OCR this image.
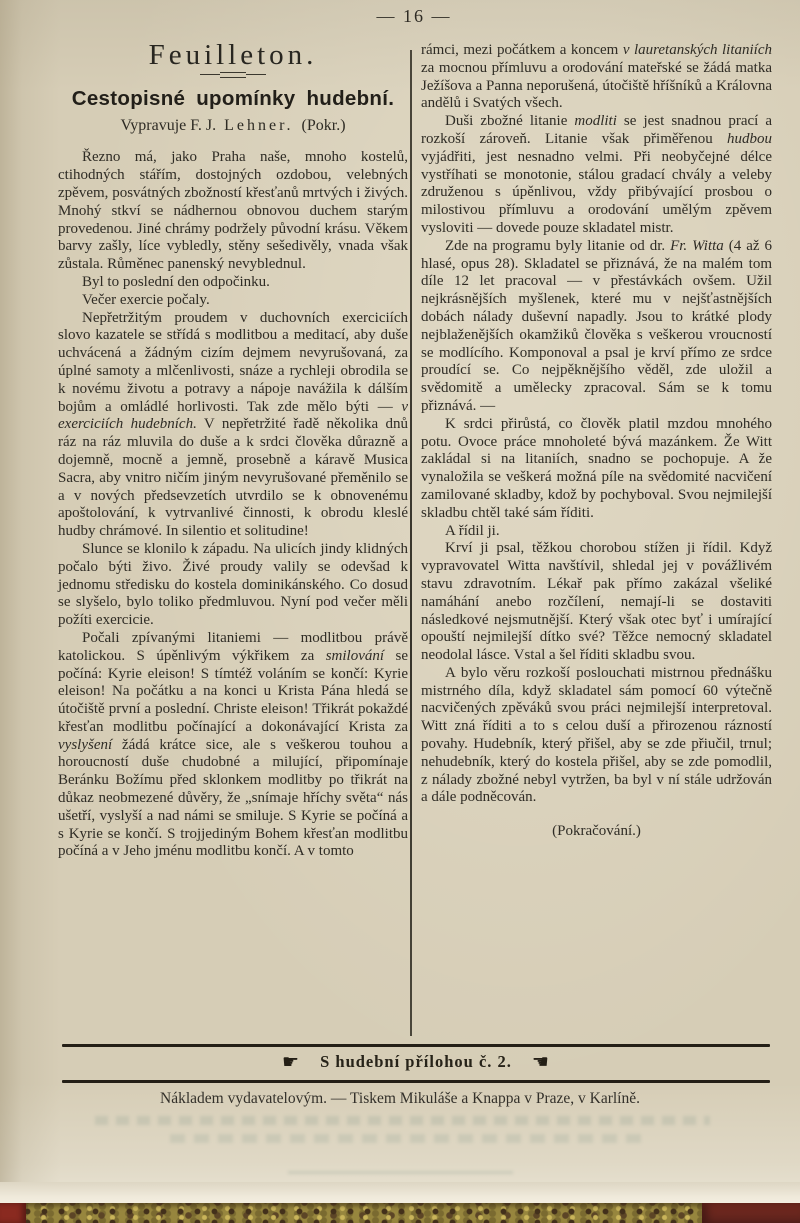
— 16 —
Feuilleton.
Cestopisné upomínky hudební.

Vypravuje F. J. Lehner. (Pokr.)

Řezno má, jako Praha naše, mnoho kostelů, ctihodných stářím, dostojných ozdobou, velebných zpěvem, posvátných zbožností křesťanů mrtvých i živých. Mnohý stkví se nádhernou obnovou duchem starým provedenou. Jiné chrámy podržely původní krásu. Věkem barvy zašly, líce vybledly, stěny sešedivěly, vnada však zůstala. Růměnec panenský nevyblednul.

Byl to poslední den odpočinku.

Večer exercie počaly.

Nepřetržitým proudem v duchovních exerciciích slovo kazatele se střídá s modlitbou a meditací, aby duše uchvácená a žádným cizím dejmem nevyrušovaná, za úplné samoty a mlčenlivosti, snáze a rychleji obrodila se k novému životu a potravy a nápoje navážila k dálším bojům a omládlé horlivosti. Tak zde mělo býti — v exerciciích hudebních. V nepřetržité řadě několika dnů ráz na ráz mluvila do duše a k srdci člověka důrazně a dojemně, mocně a jemně, prosebně a káravě Musica Sacra, aby vnitro ničím jiným nevyrušované přeměnilo se a v nových předsevzetích utvrdilo se k obnovenému apoštolování, k vytrvanlivé činnosti, k obrodu kleslé hudby chrámové. In silentio et solitudine!

Slunce se klonilo k západu. Na ulicích jindy klidných počalo býti živo. Živé proudy valily se odevšad k jednomu středisku do kostela dominikánského. Co dosud se slyšelo, bylo toliko předmluvou. Nyní pod večer měli požíti exercicie.

Počali zpívanými litaniemi — modlitbou právě katolickou. S úpěnlivým výkřikem za smilování se počíná: Kyrie eleison! S tímtéž voláním se končí: Kyrie eleison! Na počátku a na konci u Krista Pána hledá se útočiště první a poslední. Christe eleison! Třikrát pokaždé křesťan modlitbu počínající a dokonávající Krista za vyslyšení žádá krátce sice, ale s veškerou touhou a horoucností duše chudobné a milující, připomínaje Beránku Božímu před sklonkem modlitby po třikrát na důkaz neobmezené důvěry, že „snímaje hříchy světa“ nás ušetří, vyslyší a nad námi se smiluje. S Kyrie se počíná a s Kyrie se končí. S trojjediným Bohem křesťan modlitbu počíná a v Jeho jménu modlitbu končí. A v tomto

rámci, mezi počátkem a koncem v lauretanských litaniích za mocnou přímluvu a orodování mateřské se žádá matka Ježíšova a Panna neporušená, útočiště hříšníků a Královna andělů i Svatých všech.

Duši zbožné litanie modliti se jest snadnou prací a rozkoší zároveň. Litanie však přiměřenou hudbou vyjádřiti, jest nesnadno velmi. Při neobyčejné délce vystříhati se monotonie, stálou gradací chvály a veleby združenou s úpěnlivou, vždy přibývající prosbou o milostivou přímluvu a orodování umělým zpěvem vysloviti — dovede pouze skladatel mistr.

Zde na programu byly litanie od dr. Fr. Witta (4 až 6 hlasé, opus 28). Skladatel se přiznává, že na malém tom díle 12 let pracoval — v přestávkách ovšem. Užil nejkrásnějších myšlenek, které mu v nejšťastnějších dobách nálady duševní napadly. Jsou to krátké plody nejblaženějších okamžiků člověka s veškerou vroucností se modlícího. Komponoval a psal je krví přímo ze srdce proudící se. Co nejpěknějšího věděl, zde uložil a svědomitě a umělecky zpracoval. Sám se k tomu přiznává. —

K srdci přirůstá, co člověk platil mzdou mnohého potu. Ovoce práce mnoholeté bývá mazánkem. Že Witt zakládal si na litaniích, snadno se pochopuje. A že vynaložila se veškerá možná píle na svědomité nacvičení zamilované skladby, kdož by pochyboval. Svou nejmilejší skladbu chtěl také sám říditi.

A řídil ji.

Krví ji psal, těžkou chorobou stížen ji řídil. Když vypravovatel Witta navštívil, shledal jej v povážlivém stavu zdravotním. Lékař pak přímo zakázal všeliké namáhání anebo rozčílení, nemají-li se dostaviti následkové nejsmutnější. Který však otec byť i umírající opouští nejmilejší dítko své? Těžce nemocný skladatel neodolal lásce. Vstal a šel říditi skladbu svou.

A bylo věru rozkoší poslouchati mistrnou přednášku mistrného díla, když skladatel sám pomocí 60 výtečně nacvičených zpěváků svou práci nejmilejší interpretoval. Witt zná říditi a to s celou duší a přirozenou rázností povahy. Hudebník, který přišel, aby se zde přiučil, trnul; nehudebník, který do kostela přišel, aby se zde pomodlil, z nálady zbožné nebyl vytržen, ba byl v ní stále udržován a dále podněcován.

(Pokračování.)

☛ S hudební přílohou č. 2. ☚
Nákladem vydavatelovým. — Tiskem Mikuláše a Knappa v Praze, v Karlíně.
